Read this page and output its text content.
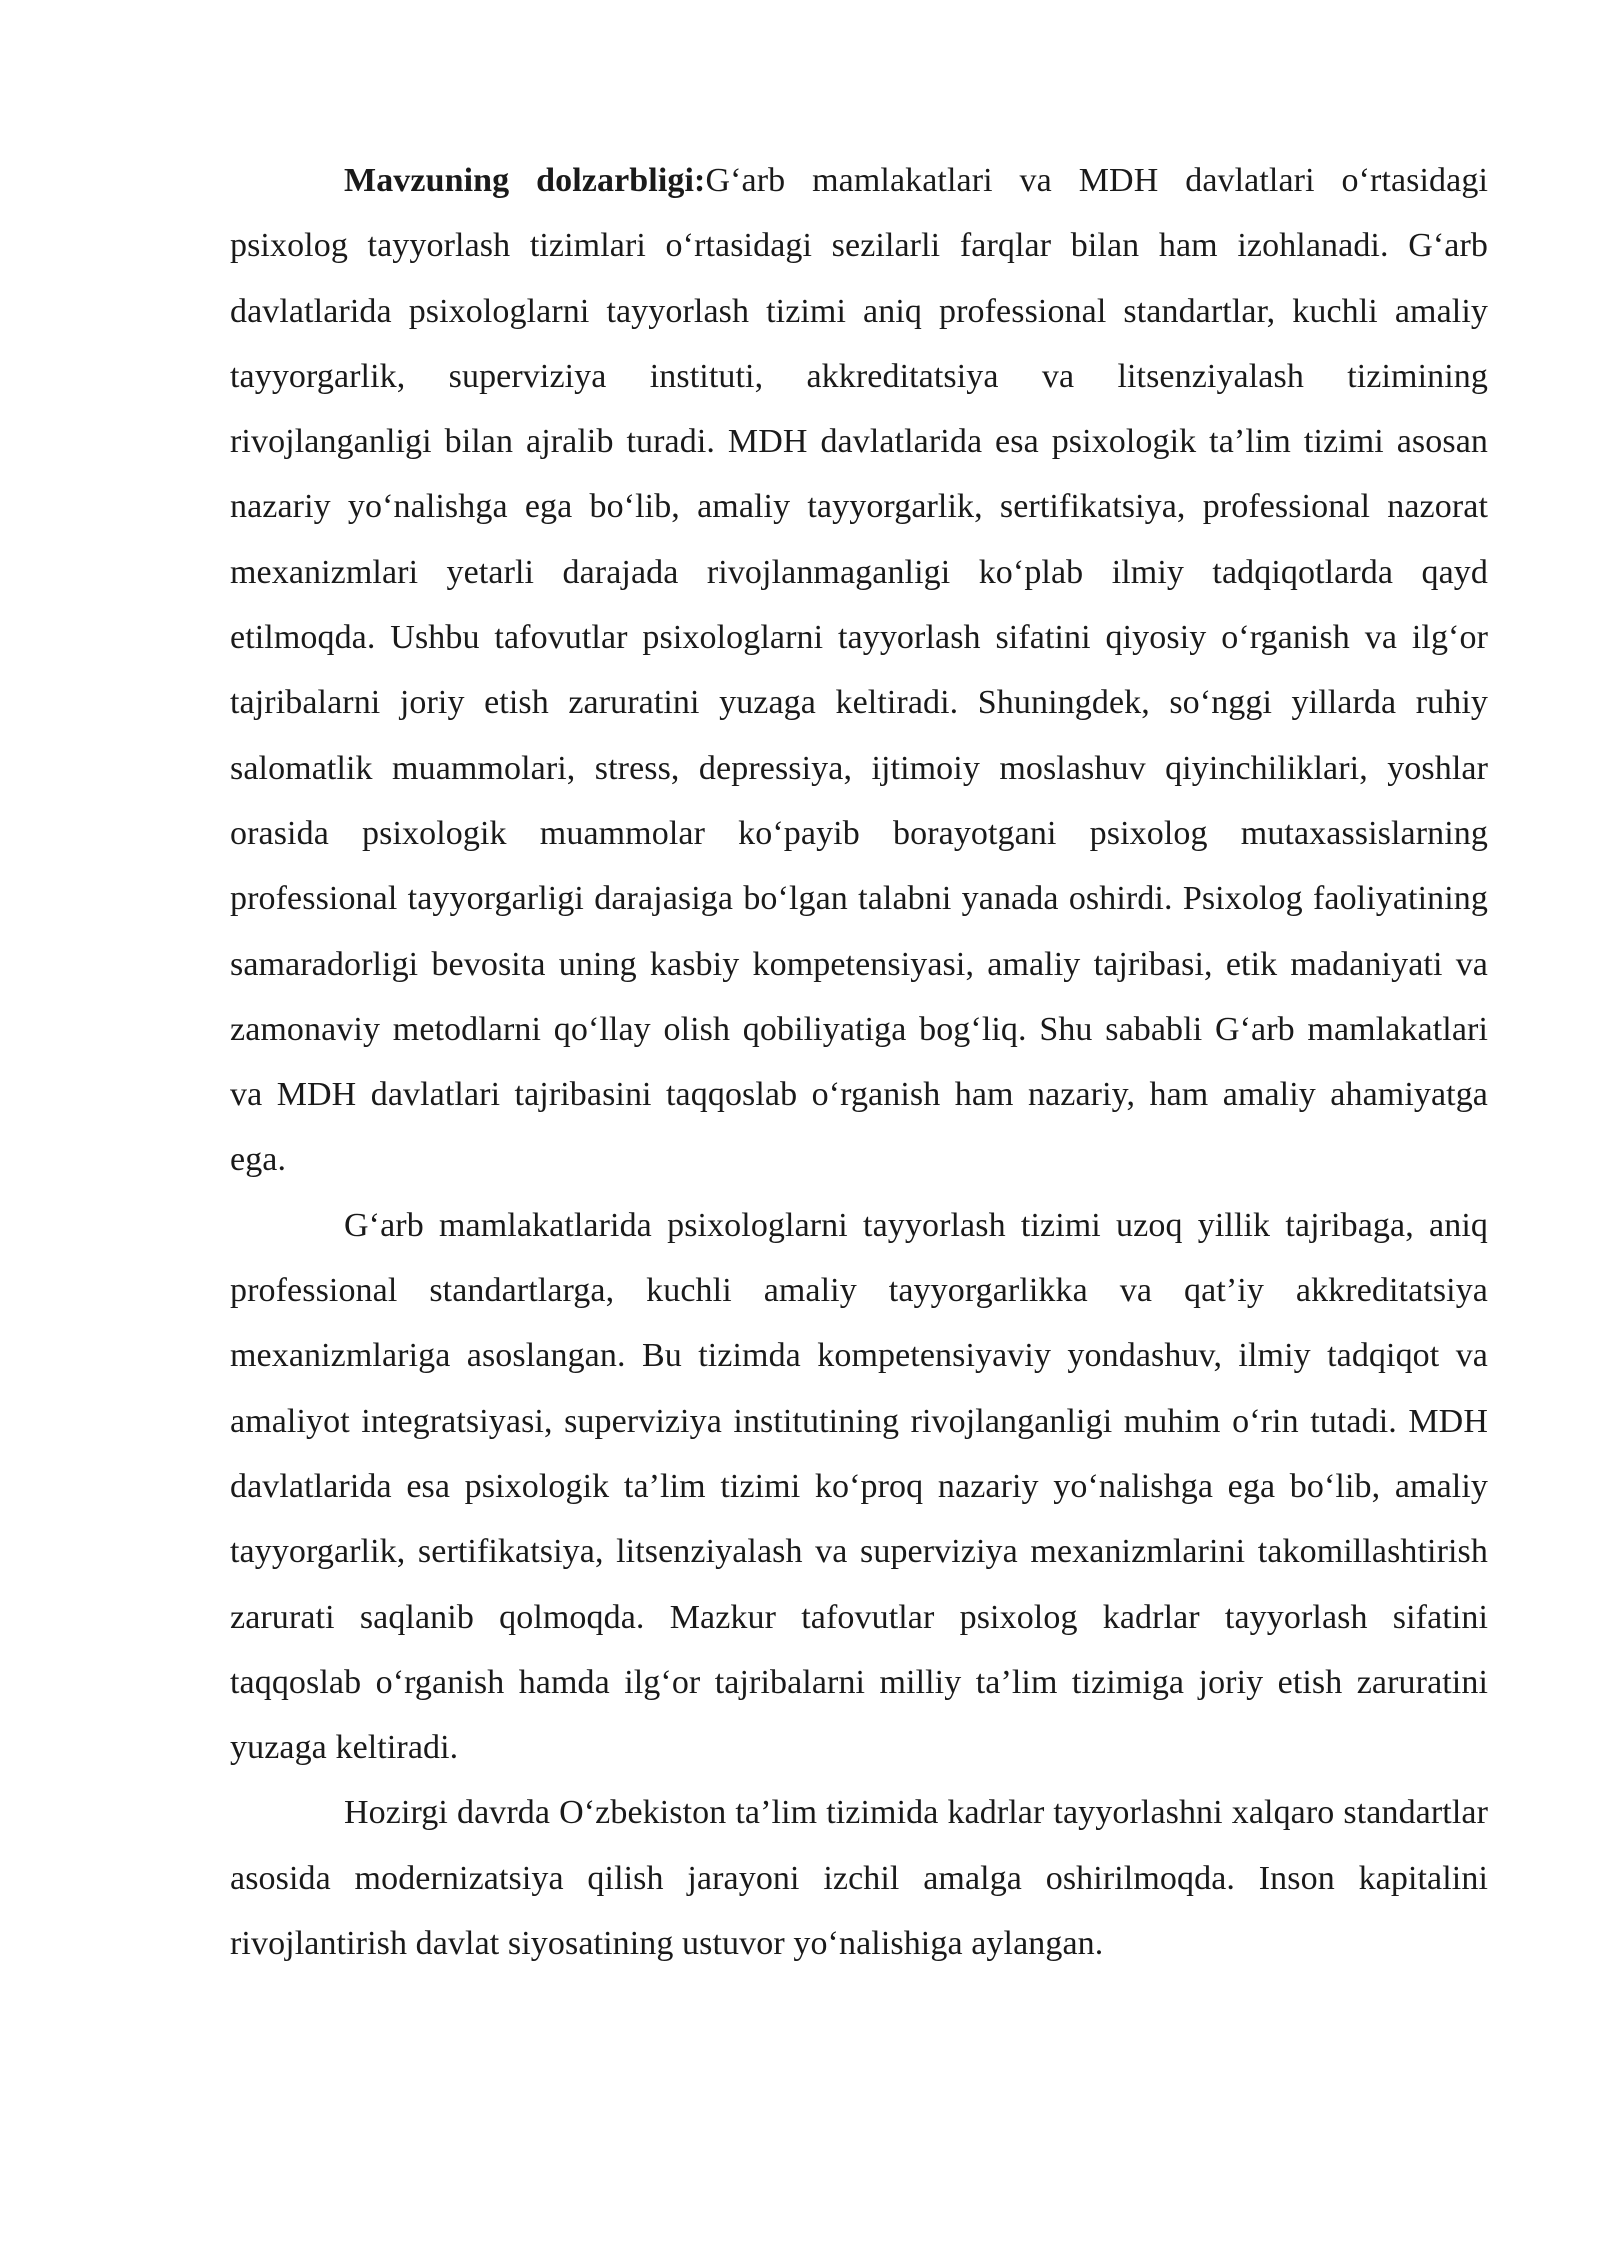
Mavzuning dolzarbligi:G‘arb mamlakatlari va MDH davlatlari o‘rtasidagi psixolog tayyorlash tizimlari o‘rtasidagi sezilarli farqlar bilan ham izohlanadi. G‘arb davlatlarida psixologlarni tayyorlash tizimi aniq professional standartlar, kuchli amaliy tayyorgarlik, superviziya instituti, akkreditatsiya va litsenziyalash tizimining rivojlanganligi bilan ajralib turadi. MDH davlatlarida esa psixologik ta’lim tizimi asosan nazariy yo‘nalishga ega bo‘lib, amaliy tayyorgarlik, sertifikatsiya, professional nazorat mexanizmlari yetarli darajada rivojlanmaganligi ko‘plab ilmiy tadqiqotlarda qayd etilmoqda. Ushbu tafovutlar psixologlarni tayyorlash sifatini qiyosiy o‘rganish va ilg‘or tajribalarni joriy etish zaruratini yuzaga keltiradi. Shuningdek, so‘nggi yillarda ruhiy salomatlik muammolari, stress, depressiya, ijtimoiy moslashuv qiyinchiliklari, yoshlar orasida psixologik muammolar ko‘payib borayotgani psixolog mutaxassislarning professional tayyorgarligi darajasiga bo‘lgan talabni yanada oshirdi. Psixolog faoliyatining samaradorligi bevosita uning kasbiy kompetensiyasi, amaliy tajribasi, etik madaniyati va zamonaviy metodlarni qo‘llay olish qobiliyatiga bog‘liq. Shu sababli G‘arb mamlakatlari va MDH davlatlari tajribasini taqqoslab o‘rganish ham nazariy, ham amaliy ahamiyatga ega.

G‘arb mamlakatlarida psixologlarni tayyorlash tizimi uzoq yillik tajribaga, aniq professional standartlarga, kuchli amaliy tayyorgarlikka va qat’iy akkreditatsiya mexanizmlariga asoslangan. Bu tizimda kompetensiyaviy yondashuv, ilmiy tadqiqot va amaliyot integratsiyasi, superviziya institutining rivojlanganligi muhim o‘rin tutadi. MDH davlatlarida esa psixologik ta’lim tizimi ko‘proq nazariy yo‘nalishga ega bo‘lib, amaliy tayyorgarlik, sertifikatsiya, litsenziyalash va superviziya mexanizmlarini takomillashtirish zarurati saqlanib qolmoqda. Mazkur tafovutlar psixolog kadrlar tayyorlash sifatini taqqoslab o‘rganish hamda ilg‘or tajribalarni milliy ta’lim tizimiga joriy etish zaruratini yuzaga keltiradi.

Hozirgi davrda O‘zbekiston ta’lim tizimida kadrlar tayyorlashni xalqaro standartlar asosida modernizatsiya qilish jarayoni izchil amalga oshirilmoqda. Inson kapitalini rivojlantirish davlat siyosatining ustuvor yo‘nalishiga aylangan.
